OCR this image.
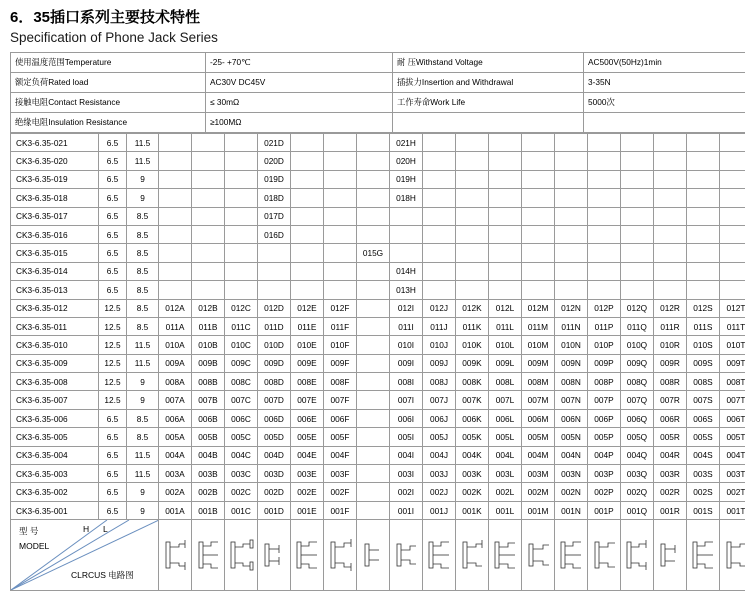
6．35插口系列主要技术特性
Specification of Phone Jack Series
使用温度范围Temperature	-25- +70℃	耐 压Withstand Voltage	AC500V(50Hz)1min
额定负荷Rated load	AC30V DC45V	插拔力Insertion and Withdrawal	3-35N
接触电阻Contact Resistance	≤ 30mΩ	工作寿命Work Life	5000次
绝缘电阻Insulation Resistance	≥100MΩ		
CK3-6.35-021	6.5	11.5				021D				021H											
CK3-6.35-020	6.5	11.5				020D				020H											
CK3-6.35-019	6.5	9				019D				019H											
CK3-6.35-018	6.5	9				018D				018H											
CK3-6.35-017	6.5	8.5				017D															
CK3-6.35-016	6.5	8.5				016D															
CK3-6.35-015	6.5	8.5							015G												
CK3-6.35-014	6.5	8.5								014H											
CK3-6.35-013	6.5	8.5								013H											
CK3-6.35-012	12.5	8.5	012A	012B	012C	012D	012E	012F		012I	012J	012K	012L	012M	012N	012P	012Q	012R	012S	012T	
CK3-6.35-011	12.5	8.5	011A	011B	011C	011D	011E	011F		011I	011J	011K	011L	011M	011N	011P	011Q	011R	011S	011T	
CK3-6.35-010	12.5	11.5	010A	010B	010C	010D	010E	010F		010I	010J	010K	010L	010M	010N	010P	010Q	010R	010S	010T	
CK3-6.35-009	12.5	11.5	009A	009B	009C	009D	009E	009F		009I	009J	009K	009L	009M	009N	009P	009Q	009R	009S	009T	
CK3-6.35-008	12.5	9	008A	008B	008C	008D	008E	008F		008I	008J	008K	008L	008M	008N	008P	008Q	008R	008S	008T	
CK3-6.35-007	12.5	9	007A	007B	007C	007D	007E	007F		007I	007J	007K	007L	007M	007N	007P	007Q	007R	007S	007T	
CK3-6.35-006	6.5	8.5	006A	006B	006C	006D	006E	006F		006I	006J	006K	006L	006M	006N	006P	006Q	006R	006S	006T	
CK3-6.35-005	6.5	8.5	005A	005B	005C	005D	005E	005F		005I	005J	005K	005L	005M	005N	005P	005Q	005R	005S	005T	
CK3-6.35-004	6.5	11.5	004A	004B	004C	004D	004E	004F		004I	004J	004K	004L	004M	004N	004P	004Q	004R	004S	004T	
CK3-6.35-003	6.5	11.5	003A	003B	003C	003D	003E	003F		003I	003J	003K	003L	003M	003N	003P	003Q	003R	003S	003T	
CK3-6.35-002	6.5	9	002A	002B	002C	002D	002E	002F		002I	002J	002K	002L	002M	002N	002P	002Q	002R	002S	002T	
CK3-6.35-001	6.5	9	001A	001B	001C	001D	001E	001F		001I	001J	001K	001L	001M	001N	001P	001Q	001R	001S	001T	

型 号
MODEL
H L
CLRCUS 电路图
